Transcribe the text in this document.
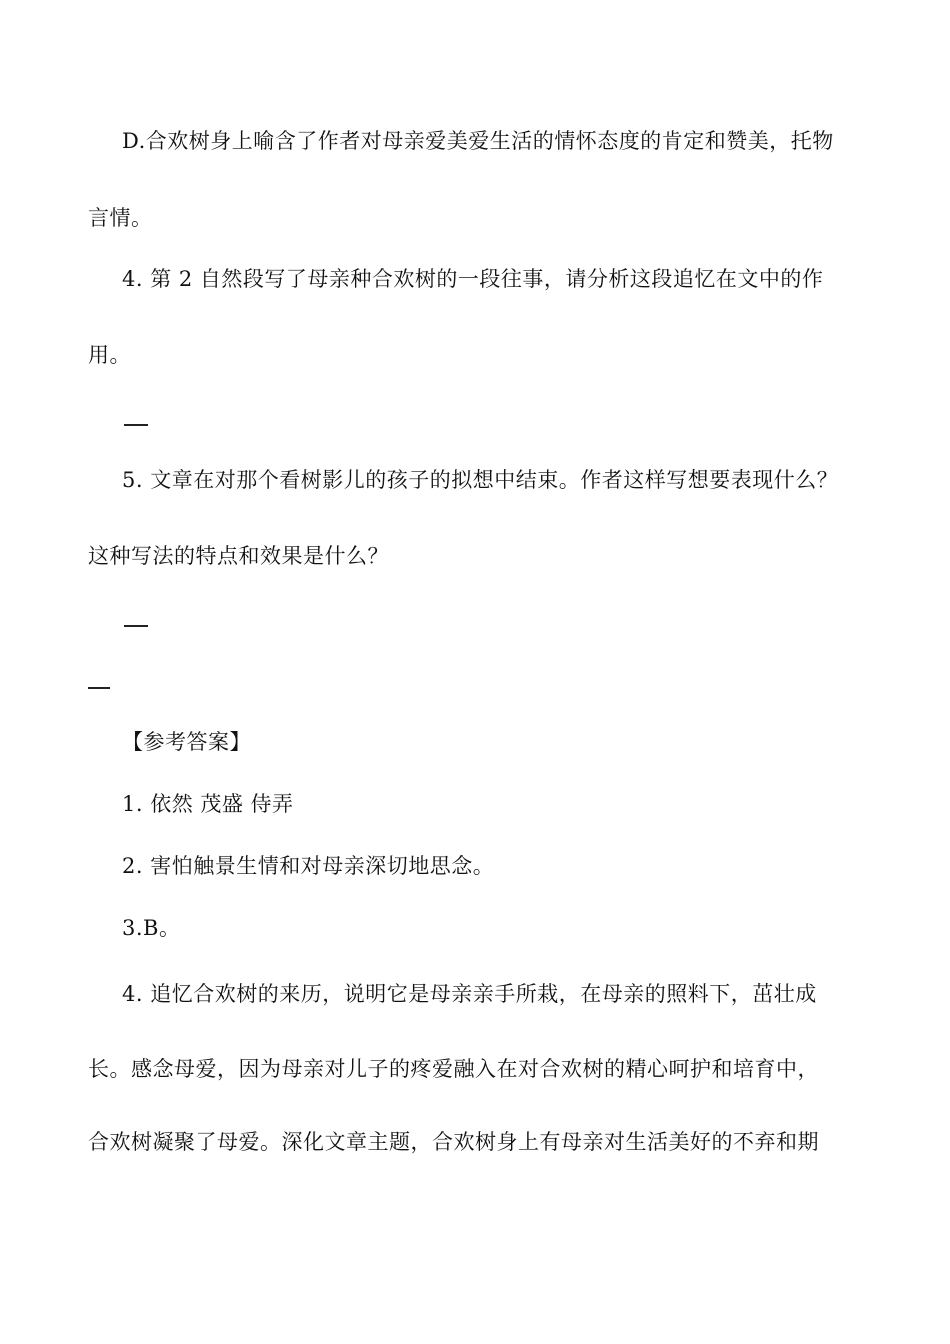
D.合欢树身上喻含了作者对母亲爱美爱生活的情怀态度的肯定和赞美，托物
言情。
4. 第 2 自然段写了母亲种合欢树的一段往事，请分析这段追忆在文中的作
用。
5. 文章在对那个看树影儿的孩子的拟想中结束。作者这样写想要表现什么？
这种写法的特点和效果是什么？
【参考答案】
1. 依然 茂盛 侍弄
2. 害怕触景生情和对母亲深切地思念。
3.B。
4. 追忆合欢树的来历，说明它是母亲亲手所栽，在母亲的照料下，茁壮成
长。感念母爱，因为母亲对儿子的疼爱融入在对合欢树的精心呵护和培育中，
合欢树凝聚了母爱。深化文章主题，合欢树身上有母亲对生活美好的不弃和期
